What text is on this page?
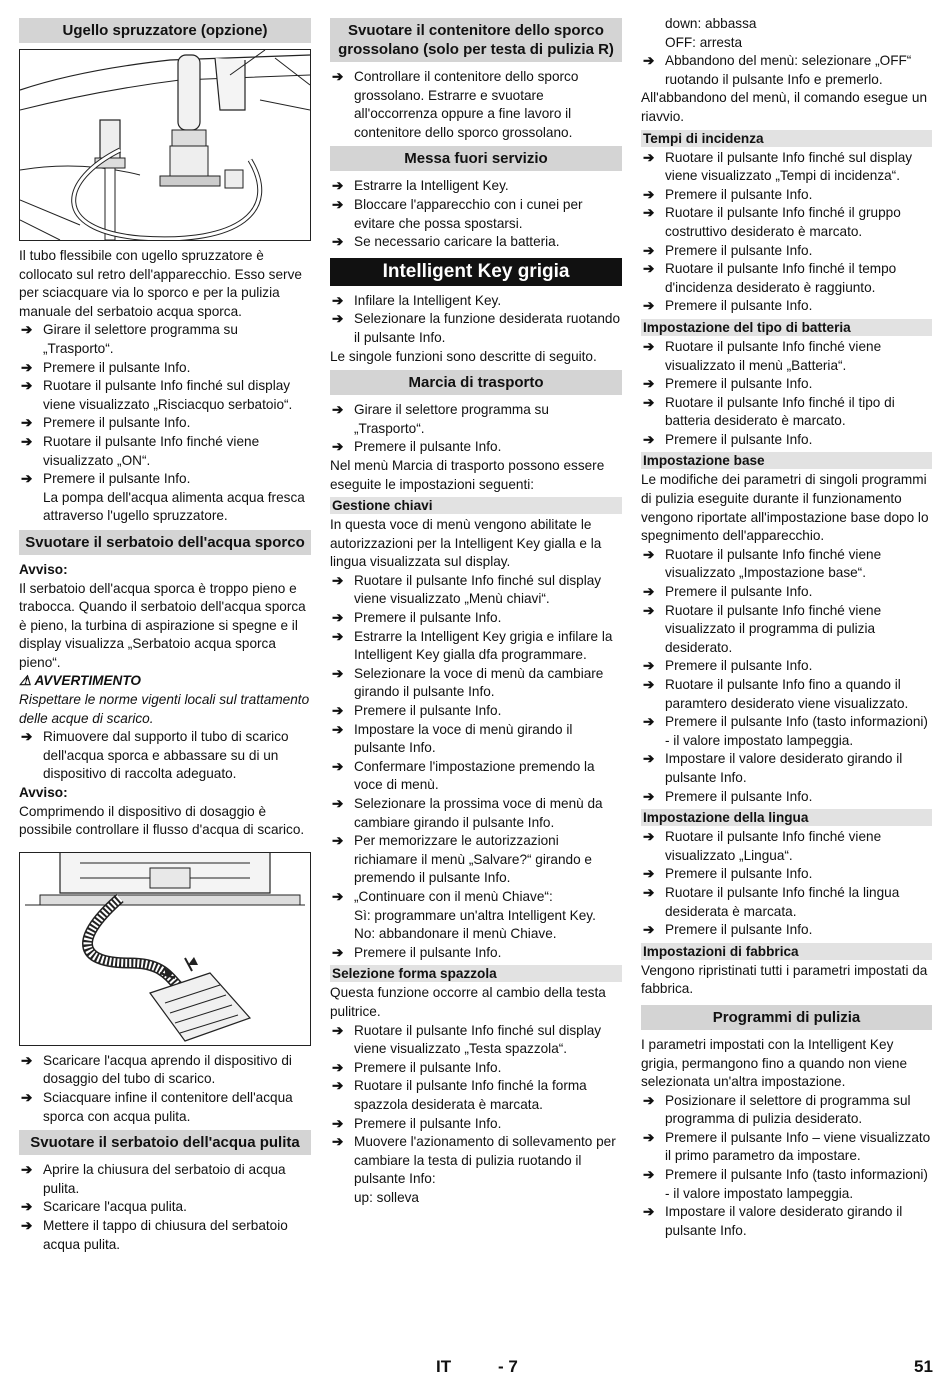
Ugello spruzzatore (opzione)

Il tubo flessibile con ugello spruzzatore è collocato sul retro dell'apparecchio. Esso serve per sciacquare via lo sporco e per la pulizia manuale del serbatoio acqua sporca.

➔ Girare il selettore programma su „Trasporto“.
➔ Premere il pulsante Info.
➔ Ruotare il pulsante Info finché sul display viene visualizzato „Risciacquo serbatoio“.
➔ Premere il pulsante Info.
➔ Ruotare il pulsante Info finché viene visualizzato „ON“.
➔ Premere il pulsante Info.
La pompa dell'acqua alimenta acqua fresca attraverso l'ugello spruzzatore.
Svuotare il serbatoio dell'acqua sporco

Avviso:

Il serbatoio dell'acqua sporca è troppo pieno e trabocca. Quando il serbatoio dell'acqua sporca è pieno, la turbina di aspirazione si spegne e il display visualizza „Serbatoio acqua sporca pieno“.

⚠ AVVERTIMENTO

Rispettare le norme vigenti locali sul trattamento delle acque di scarico.

➔ Rimuovere dal supporto il tubo di scarico dell'acqua sporca e abbassare su di un dispositivo di raccolta adeguato.

Avviso:

Comprimendo il dispositivo di dosaggio è possibile controllare il flusso d'acqua di scarico.

➔ Scaricare l'acqua aprendo il dispositivo di dosaggio del tubo di scarico.
➔ Sciacquare infine il contenitore dell'acqua sporca con acqua pulita.
Svuotare il serbatoio dell'acqua pulita
➔ Aprire la chiusura del serbatoio di acqua pulita.
➔ Scaricare l'acqua pulita.
➔ Mettere il tappo di chiusura del serbatoio acqua pulita.
Svuotare il contenitore dello sporco grossolano (solo per testa di pulizia R)
➔ Controllare il contenitore dello sporco grossolano. Estrarre e svuotare all'occorrenza oppure a fine lavoro il contenitore dello sporco grossolano.
Messa fuori servizio
➔ Estrarre la Intelligent Key.
➔ Bloccare l'apparecchio con i cunei per evitare che possa spostarsi.
➔ Se necessario caricare la batteria.
Intelligent Key grigia
➔ Infilare la Intelligent Key.
➔ Selezionare la funzione desiderata ruotando il pulsante Info.

Le singole funzioni sono descritte di seguito.

Marcia di trasporto
➔ Girare il selettore programma su „Trasporto“.
➔ Premere il pulsante Info.

Nel menù Marcia di trasporto possono essere eseguite le impostazioni seguenti:

Gestione chiavi

In questa voce di menù vengono abilitate le autorizzazioni per la Intelligent Key gialla e la

lingua visualizzata sul display.

➔ Ruotare il pulsante Info finché sul display viene visualizzato „Menù chiavi“.
➔ Premere il pulsante Info.
➔ Estrarre la Intelligent Key grigia e infilare la Intelligent Key gialla dfa programmare.
➔ Selezionare la voce di menù da cambiare girando il pulsante Info.
➔ Premere il pulsante Info.
➔ Impostare la voce di menù girando il pulsante Info.
➔ Confermare l'impostazione premendo la voce di menù.
➔ Selezionare la prossima voce di menù da cambiare girando il pulsante Info.
➔ Per memorizzare le autorizzazioni richiamare il menù „Salvare?“ girando e premendo il pulsante Info.
➔ „Continuare con il menù Chiave“:
Sì: programmare un'altra Intelligent Key.
No: abbandonare il menù Chiave.
➔ Premere il pulsante Info.
Selezione forma spazzola

Questa funzione occorre al cambio della testa pulitrice.

➔ Ruotare il pulsante Info finché sul display viene visualizzato „Testa spazzola“.
➔ Premere il pulsante Info.
➔ Ruotare il pulsante Info finché la forma spazzola desiderata è marcata.
➔ Premere il pulsante Info.
➔ Muovere l'azionamento di sollevamento per cambiare la testa di pulizia ruotando il pulsante Info:
up: solleva
down: abbassa
OFF: arresta
➔ Abbandono del menù: selezionare „OFF“ ruotando il pulsante Info e premerlo.

All'abbandono del menù, il comando esegue un riavvio.

Tempi di incidenza
➔ Ruotare il pulsante Info finché sul display viene visualizzato „Tempi di incidenza“.
➔ Premere il pulsante Info.
➔ Ruotare il pulsante Info finché il gruppo costruttivo desiderato è marcato.
➔ Premere il pulsante Info.
➔ Ruotare il pulsante Info finché il tempo d'incidenza desiderato è raggiunto.
➔ Premere il pulsante Info.
Impostazione del tipo di batteria
➔ Ruotare il pulsante Info finché viene visualizzato il menù „Batteria“.
➔ Premere il pulsante Info.
➔ Ruotare il pulsante Info finché il tipo di batteria desiderato è marcato.
➔ Premere il pulsante Info.
Impostazione base

Le modifiche dei parametri di singoli programmi di pulizia eseguite durante il funzionamento vengono riportate all'impostazione base dopo lo spegnimento dell'apparecchio.

➔ Ruotare il pulsante Info finché viene visualizzato „Impostazione base“.
➔ Premere il pulsante Info.
➔ Ruotare il pulsante Info finché viene visualizzato il programma di pulizia desiderato.
➔ Premere il pulsante Info.
➔ Ruotare il pulsante Info fino a quando il paramtero desiderato viene visualizzato.
➔ Premere il pulsante Info (tasto informazioni) - il valore impostato lampeggia.
➔ Impostare il valore desiderato girando il pulsante Info.
➔ Premere il pulsante Info.
Impostazione della lingua
➔ Ruotare il pulsante Info finché viene visualizzato „Lingua“.
➔ Premere il pulsante Info.
➔ Ruotare il pulsante Info finché la lingua desiderata è marcata.
➔ Premere il pulsante Info.
Impostazioni di fabbrica

Vengono ripristinati tutti i parametri impostati da fabbrica.

Programmi di pulizia

I parametri impostati con la Intelligent Key grigia, permangono fino a quando non viene selezionata un'altra impostazione.

➔ Posizionare il selettore di programma sul programma di pulizia desiderato.
➔ Premere il pulsante Info – viene visualizzato il primo parametro da impostare.
➔ Premere il pulsante Info (tasto informazioni) - il valore impostato lampeggia.
➔ Impostare il valore desiderato girando il pulsante Info.
IT	- 7	51
